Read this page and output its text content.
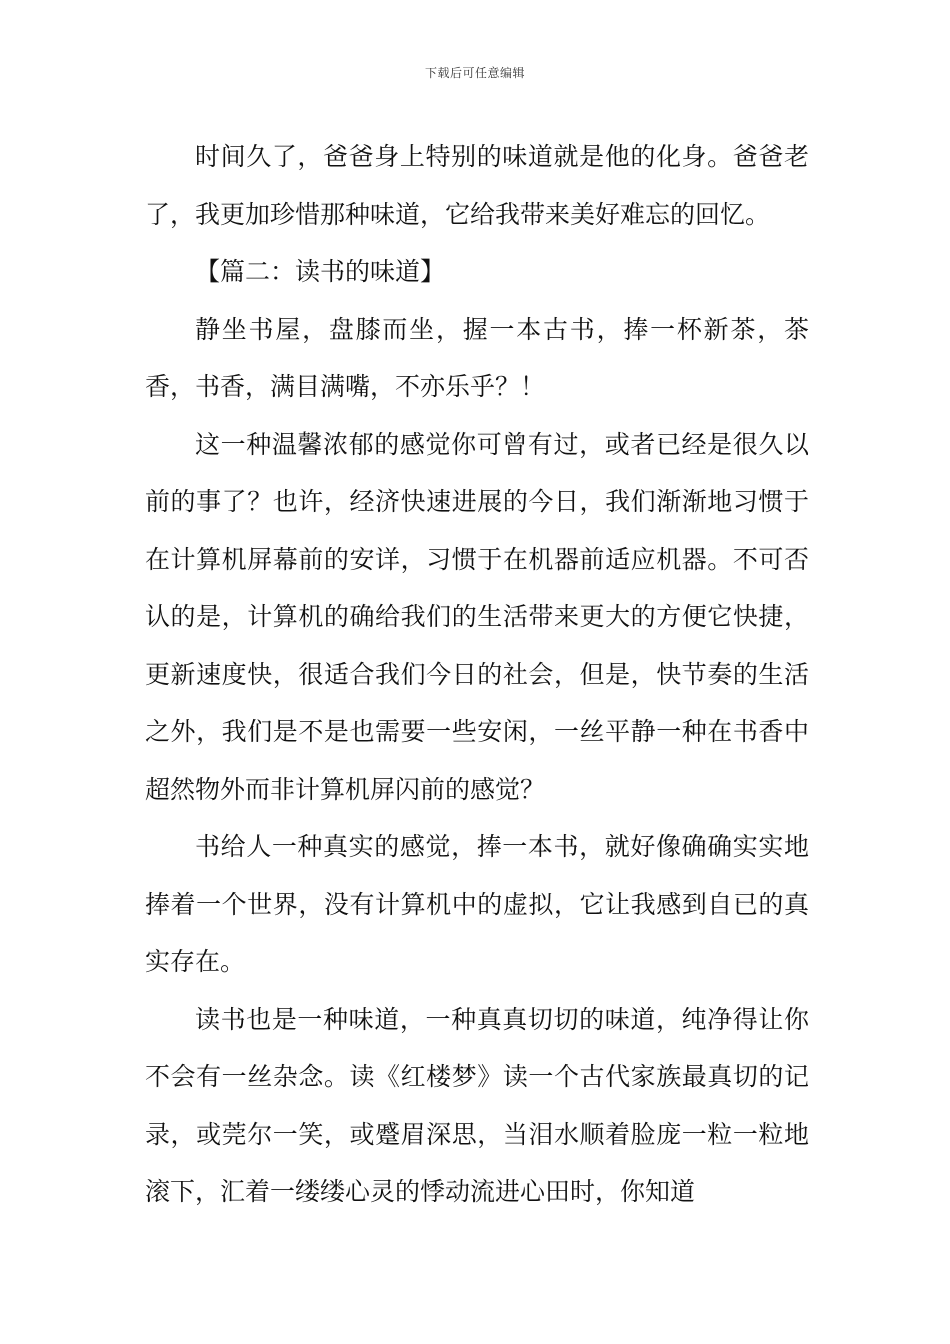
下载后可任意编辑

时间久了，爸爸身上特别的味道就是他的化身。爸爸老了，我更加珍惜那种味道，它给我带来美好难忘的回忆。

【篇二：读书的味道】

静坐书屋，盘膝而坐，握一本古书，捧一杯新茶，茶香，书香，满目满嘴，不亦乐乎？！

这一种温馨浓郁的感觉你可曾有过，或者已经是很久以前的事了？也许，经济快速进展的今日，我们渐渐地习惯于在计算机屏幕前的安详，习惯于在机器前适应机器。不可否认的是，计算机的确给我们的生活带来更大的方便它快捷，更新速度快，很适合我们今日的社会，但是，快节奏的生活之外，我们是不是也需要一些安闲，一丝平静一种在书香中超然物外而非计算机屏闪前的感觉？

书给人一种真实的感觉，捧一本书，就好像确确实实地捧着一个世界，没有计算机中的虚拟，它让我感到自已的真实存在。

读书也是一种味道，一种真真切切的味道，纯净得让你不会有一丝杂念。读《红楼梦》读一个古代家族最真切的记录，或莞尔一笑，或蹙眉深思，当泪水顺着脸庞一粒一粒地滚下，汇着一缕缕心灵的悸动流进心田时，你知道
